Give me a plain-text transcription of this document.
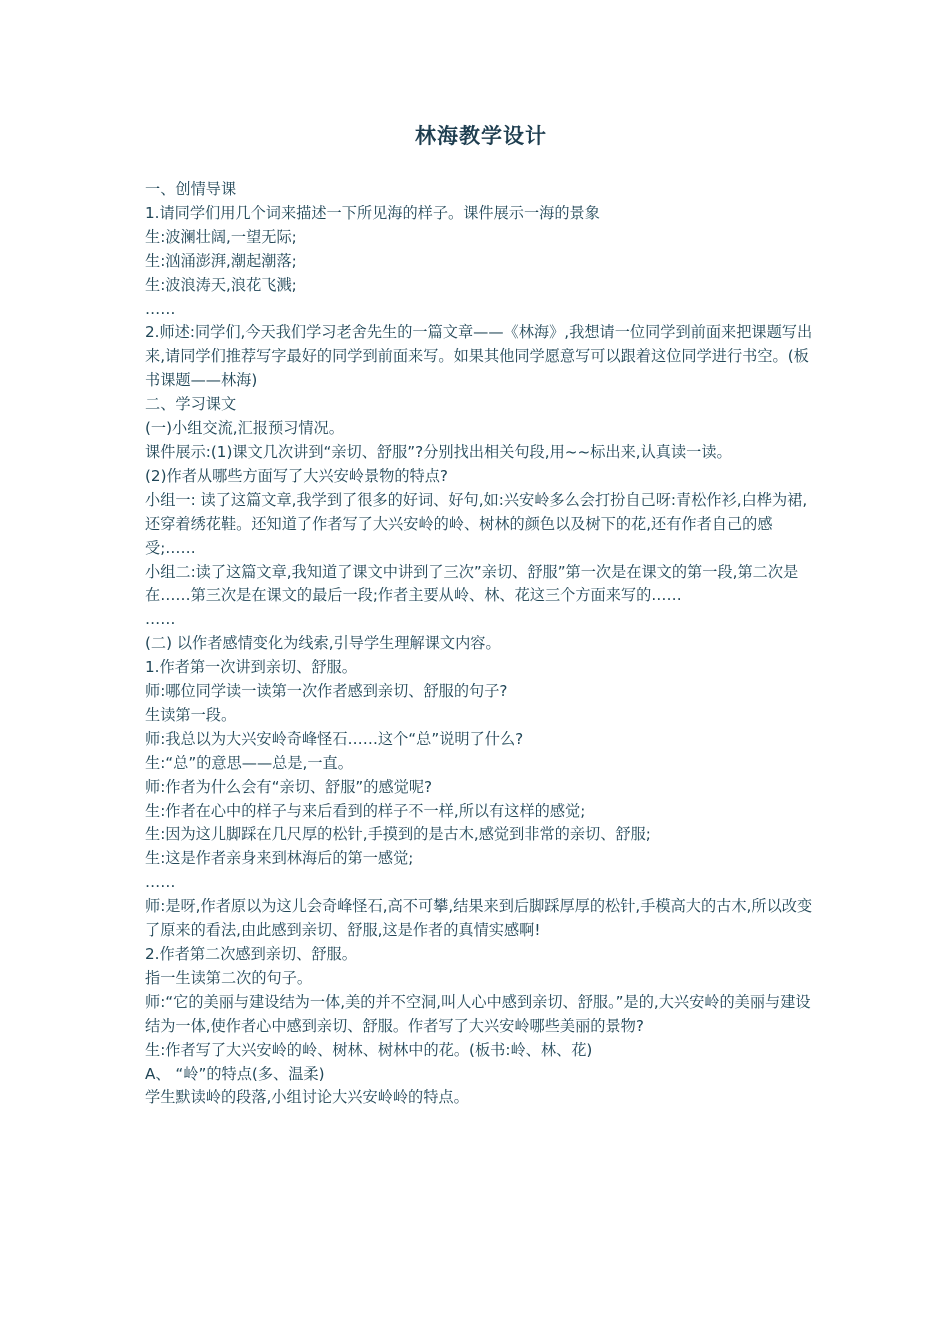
林海教学设计

一、创情导课

1.请同学们用几个词来描述一下所见海的样子。课件展示一海的景象

生:波澜壮阔,一望无际;

生:汹涌澎湃,潮起潮落;

生:波浪涛天,浪花飞溅;

……

2.师述:同学们,今天我们学习老舍先生的一篇文章——《林海》,我想请一位同学到前面来把课题写出来,请同学们推荐写字最好的同学到前面来写。如果其他同学愿意写可以跟着这位同学进行书空。(板书课题——林海)

二、学习课文

(一)小组交流,汇报预习情况。

课件展示:(1)课文几次讲到“亲切、舒服”?分别找出相关句段,用~~标出来,认真读一读。

(2)作者从哪些方面写了大兴安岭景物的特点?

小组一: 读了这篇文章,我学到了很多的好词、好句,如:兴安岭多么会打扮自己呀:青松作衫,白桦为裙,还穿着绣花鞋。还知道了作者写了大兴安岭的岭、树林的颜色以及树下的花,还有作者自己的感受;……

小组二:读了这篇文章,我知道了课文中讲到了三次”亲切、舒服”第一次是在课文的第一段,第二次是在……第三次是在课文的最后一段;作者主要从岭、林、花这三个方面来写的……

……

(二) 以作者感情变化为线索,引导学生理解课文内容。

1.作者第一次讲到亲切、舒服。

师:哪位同学读一读第一次作者感到亲切、舒服的句子?

生读第一段。

师:我总以为大兴安岭奇峰怪石……这个“总”说明了什么?

生:“总”的意思——总是,一直。

师:作者为什么会有“亲切、舒服”的感觉呢?

生:作者在心中的样子与来后看到的样子不一样,所以有这样的感觉;

生:因为这儿脚踩在几尺厚的松针,手摸到的是古木,感觉到非常的亲切、舒服;

生:这是作者亲身来到林海后的第一感觉;

……

师:是呀,作者原以为这儿会奇峰怪石,高不可攀,结果来到后脚踩厚厚的松针,手模高大的古木,所以改变了原来的看法,由此感到亲切、舒服,这是作者的真情实感啊!

2.作者第二次感到亲切、舒服。

指一生读第二次的句子。

师:“它的美丽与建设结为一体,美的并不空洞,叫人心中感到亲切、舒服。”是的,大兴安岭的美丽与建设结为一体,使作者心中感到亲切、舒服。作者写了大兴安岭哪些美丽的景物?

生:作者写了大兴安岭的岭、树林、树林中的花。(板书:岭、林、花)

A、 “岭”的特点(多、温柔)

学生默读岭的段落,小组讨论大兴安岭岭的特点。
